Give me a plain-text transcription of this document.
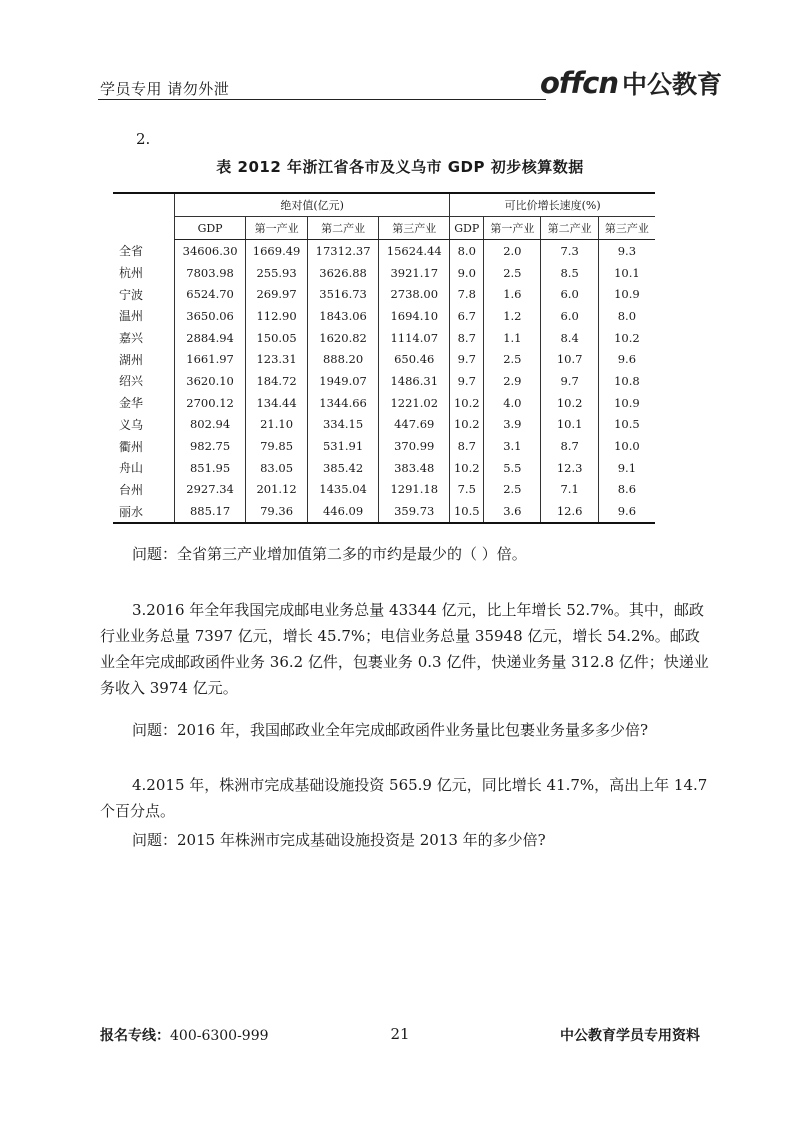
学员专用 请勿外泄	offcn 中公教育
2.
表 2012 年浙江省各市及义乌市 GDP 初步核算数据
	绝对值(亿元)				可比价增长速度(%)			
	GDP	第一产业	第二产业	第三产业	GDP	第一产业	第二产业	第三产业
全省	34606.30	1669.49	17312.37	15624.44	8.0	2.0	7.3	9.3
杭州	7803.98	255.93	3626.88	3921.17	9.0	2.5	8.5	10.1
宁波	6524.70	269.97	3516.73	2738.00	7.8	1.6	6.0	10.9
温州	3650.06	112.90	1843.06	1694.10	6.7	1.2	6.0	8.0
嘉兴	2884.94	150.05	1620.82	1114.07	8.7	1.1	8.4	10.2
湖州	1661.97	123.31	888.20	650.46	9.7	2.5	10.7	9.6
绍兴	3620.10	184.72	1949.07	1486.31	9.7	2.9	9.7	10.8
金华	2700.12	134.44	1344.66	1221.02	10.2	4.0	10.2	10.9
义乌	802.94	21.10	334.15	447.69	10.2	3.9	10.1	10.5
衢州	982.75	79.85	531.91	370.99	8.7	3.1	8.7	10.0
舟山	851.95	83.05	385.42	383.48	10.2	5.5	12.3	9.1
台州	2927.34	201.12	1435.04	1291.18	7.5	2.5	7.1	8.6
丽水	885.17	79.36	446.09	359.73	10.5	3.6	12.6	9.6
问题：全省第三产业增加值第二多的市约是最少的（ ）倍。
3.2016 年全年我国完成邮电业务总量 43344 亿元，比上年增长 52.7%。其中，邮政行业业务总量 7397 亿元，增长 45.7%；电信业务总量 35948 亿元，增长 54.2%。邮政业全年完成邮政函件业务 36.2 亿件，包裹业务 0.3 亿件，快递业务量 312.8 亿件；快递业务收入 3974 亿元。
问题：2016 年，我国邮政业全年完成邮政函件业务量比包裹业务量多多少倍?
4.2015 年，株洲市完成基础设施投资 565.9 亿元，同比增长 41.7%，高出上年 14.7 个百分点。
问题：2015 年株洲市完成基础设施投资是 2013 年的多少倍?
报名专线：400-6300-999	21	中公教育学员专用资料
